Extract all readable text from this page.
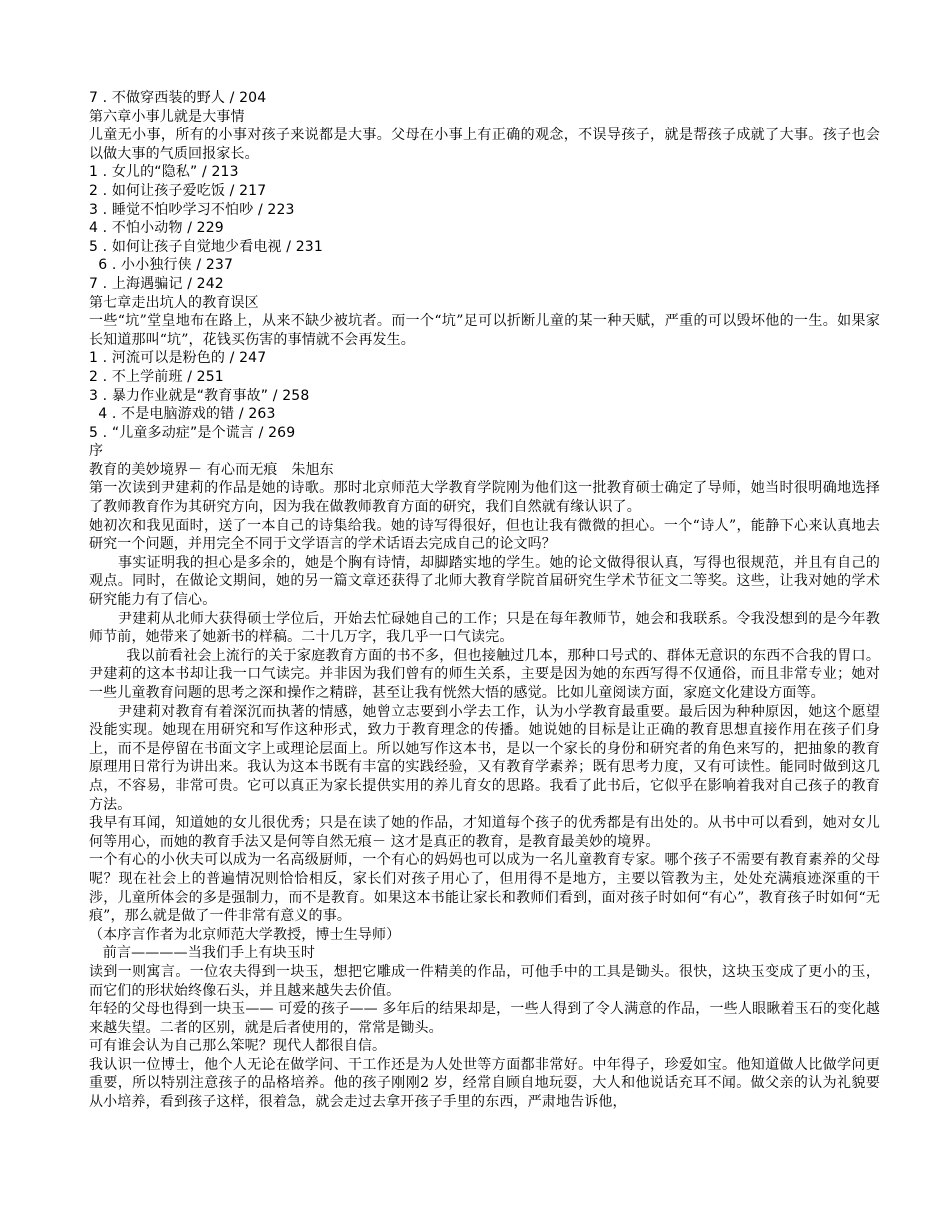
7 . 不做穿西装的野人 / 204
第六章小事儿就是大事情

儿童无小事，所有的小事对孩子来说都是大事。父母在小事上有正确的观念，不误导孩子，就是帮孩子成就了大事。孩子也会以做大事的气质回报家长。

1 . 女儿的“隐私” / 213
2 . 如何让孩子爱吃饭 / 217
3 . 睡觉不怕吵学习不怕吵 / 223
4 . 不怕小动物 / 229
5 . 如何让孩子自觉地少看电视 / 231
6 . 小小独行侠 / 237
7 . 上海遇骗记 / 242
第七章走出坑人的教育误区

一些“坑”堂皇地布在路上，从来不缺少被坑者。而一个“坑”足可以折断儿童的某一种天赋，严重的可以毁坏他的一生。如果家长知道那叫“坑”，花钱买伤害的事情就不会再发生。

1 . 河流可以是粉色的 / 247
2 . 不上学前班 / 251
3 . 暴力作业就是“教育事故” / 258
4 . 不是电脑游戏的错 / 263
5 . “儿童多动症”是个谎言 / 269
序
教育的美妙境界－ 有心而无痕   朱旭东

第一次读到尹建莉的作品是她的诗歌。那时北京师范大学教育学院刚为他们这一批教育硕士确定了导师，她当时很明确地选择了教师教育作为其研究方向，因为我在做教师教育方面的研究，我们自然就有缘认识了。

她初次和我见面时，送了一本自己的诗集给我。她的诗写得很好，但也让我有微微的担心。一个“诗人”，能静下心来认真地去研究一个问题，并用完全不同于文学语言的学术话语去完成自己的论文吗？

事实证明我的担心是多余的，她是个胸有诗情，却脚踏实地的学生。她的论文做得很认真，写得也很规范，并且有自己的观点。同时，在做论文期间，她的另一篇文章还获得了北师大教育学院首届研究生学术节征文二等奖。这些，让我对她的学术研究能力有了信心。

尹建莉从北师大获得硕士学位后，开始去忙碌她自己的工作；只是在每年教师节，她会和我联系。令我没想到的是今年教师节前，她带来了她新书的样稿。二十几万字，我几乎一口气读完。

我以前看社会上流行的关于家庭教育方面的书不多，但也接触过几本，那种口号式的、群体无意识的东西不合我的胃口。尹建莉的这本书却让我一口气读完。并非因为我们曾有的师生关系，主要是因为她的东西写得不仅通俗，而且非常专业；她对一些儿童教育问题的思考之深和操作之精辟，甚至让我有恍然大悟的感觉。比如儿童阅读方面，家庭文化建设方面等。

尹建莉对教育有着深沉而执著的情感，她曾立志要到小学去工作，认为小学教育最重要。最后因为种种原因，她这个愿望没能实现。她现在用研究和写作这种形式，致力于教育理念的传播。她说她的目标是让正确的教育思想直接作用在孩子们身上，而不是停留在书面文字上或理论层面上。所以她写作这本书，是以一个家长的身份和研究者的角色来写的，把抽象的教育原理用日常行为讲出来。我认为这本书既有丰富的实践经验，又有教育学素养；既有思考力度，又有可读性。能同时做到这几点，不容易，非常可贵。它可以真正为家长提供实用的养儿育女的思路。我看了此书后，它似乎在影响着我对自己孩子的教育方法。

我早有耳闻，知道她的女儿很优秀；只是在读了她的作品，才知道每个孩子的优秀都是有出处的。从书中可以看到，她对女儿何等用心，而她的教育手法又是何等自然无痕－ 这才是真正的教育，是教育最美妙的境界。

一个有心的小伙夫可以成为一名高级厨师，一个有心的妈妈也可以成为一名儿童教育专家。哪个孩子不需要有教育素养的父母呢？现在社会上的普遍情况则恰恰相反，家长们对孩子用心了，但用得不是地方，主要以管教为主，处处充满痕迹深重的干涉，儿童所体会的多是强制力，而不是教育。如果这本书能让家长和教师们看到，面对孩子时如何“有心”，教育孩子时如何“无痕”，那么就是做了一件非常有意义的事。

（本序言作者为北京师范大学教授，博士生导师）
前言————当我们手上有块玉时

读到一则寓言。一位农夫得到一块玉，想把它雕成一件精美的作品，可他手中的工具是锄头。很快，这块玉变成了更小的玉，而它们的形状始终像石头，并且越来越失去价值。

年轻的父母也得到一块玉—— 可爱的孩子—— 多年后的结果却是，一些人得到了令人满意的作品，一些人眼瞅着玉石的变化越来越失望。二者的区别，就是后者使用的，常常是锄头。

可有谁会认为自己那么笨呢？现代人都很自信。

我认识一位博士，他个人无论在做学问、干工作还是为人处世等方面都非常好。中年得子，珍爱如宝。他知道做人比做学问更重要，所以特别注意孩子的品格培养。他的孩子刚刚2 岁，经常自顾自地玩耍，大人和他说话充耳不闻。做父亲的认为礼貌要从小培养，看到孩子这样，很着急，就会走过去拿开孩子手里的东西，严肃地告诉他，
